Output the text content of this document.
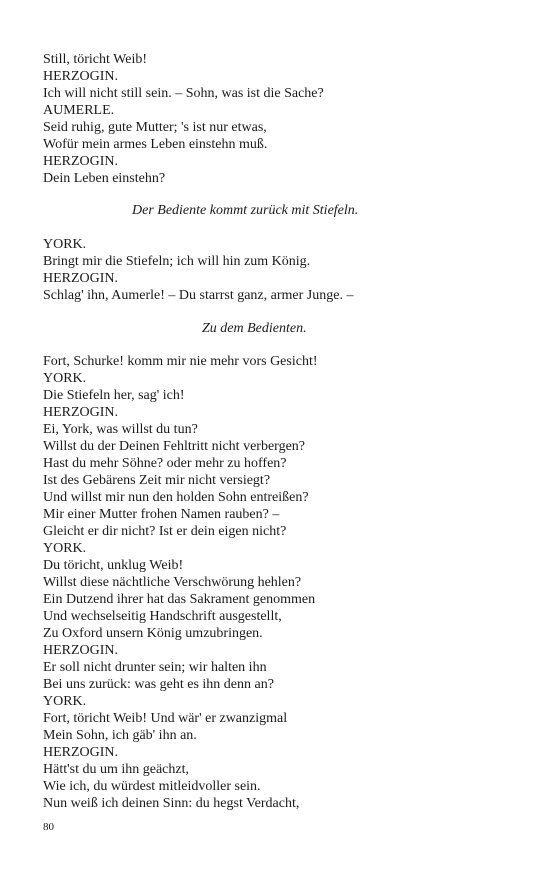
Still, töricht Weib!
HERZOGIN.
Ich will nicht still sein. – Sohn, was ist die Sache?
AUMERLE.
Seid ruhig, gute Mutter; 's ist nur etwas,
Wofür mein armes Leben einstehn muß.
HERZOGIN.
Dein Leben einstehn?
Der Bediente kommt zurück mit Stiefeln.
YORK.
Bringt mir die Stiefeln; ich will hin zum König.
HERZOGIN.
Schlag' ihn, Aumerle! – Du starrst ganz, armer Junge. –
Zu dem Bedienten.
Fort, Schurke! komm mir nie mehr vors Gesicht!
YORK.
Die Stiefeln her, sag' ich!
HERZOGIN.
Ei, York, was willst du tun?
Willst du der Deinen Fehltritt nicht verbergen?
Hast du mehr Söhne? oder mehr zu hoffen?
Ist des Gebärens Zeit mir nicht versiegt?
Und willst mir nun den holden Sohn entreißen?
Mir einer Mutter frohen Namen rauben? –
Gleicht er dir nicht? Ist er dein eigen nicht?
YORK.
Du töricht, unklug Weib!
Willst diese nächtliche Verschwörung hehlen?
Ein Dutzend ihrer hat das Sakrament genommen
Und wechselseitig Handschrift ausgestellt,
Zu Oxford unsern König umzubringen.
HERZOGIN.
Er soll nicht drunter sein; wir halten ihn
Bei uns zurück: was geht es ihn denn an?
YORK.
Fort, töricht Weib! Und wär' er zwanzigmal
Mein Sohn, ich gäb' ihn an.
HERZOGIN.
Hätt'st du um ihn geächzt,
Wie ich, du würdest mitleidvoller sein.
Nun weiß ich deinen Sinn: du hegst Verdacht,
80
